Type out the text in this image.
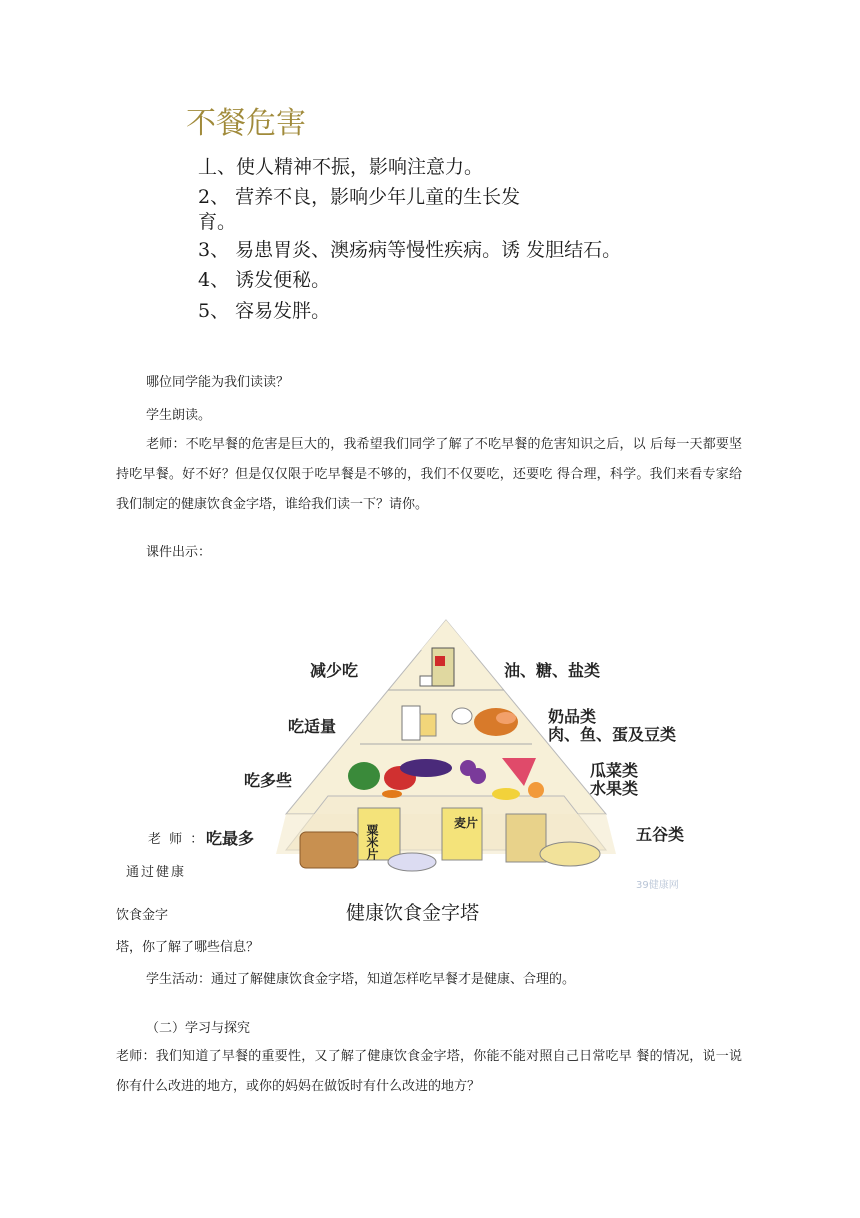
不餐危害
丄、使人精神不振，影响注意力。
2、 营养不良，影响少年儿童的生长发
育。
3、 易患胃炎、澳疡病等慢性疾病。诱 发胆结石。
4、 诱发便秘。
5、 容易发胖。
哪位同学能为我们读读？
学生朗读。
老师：不吃早餐的危害是巨大的，我希望我们同学了解了不吃早餐的危害知识之后，以 后每一天都要坚持吃早餐。好不好？但是仅仅限于吃早餐是不够的，我们不仅要吃，还要吃 得合理，科学。我们来看专家给我们制定的健康饮食金字塔，谁给我们读一下？请你。
课件出示：
减少吃
吃适量
吃多些
吃最多
油、糖、盐类
奶品类
肉、鱼、蛋及豆类
瓜菜类
水果类
五谷类
粟米片
麦片
39健康网
老 师 ：
通过健康
饮食金字	健康饮食金字塔
塔，你了解了哪些信息？
学生活动：通过了解健康饮食金字塔，知道怎样吃早餐才是健康、合理的。
（二）学习与探究
老师：我们知道了早餐的重要性，又了解了健康饮食金字塔，你能不能对照自己日常吃早 餐的情况，说一说你有什么改进的地方，或你的妈妈在做饭时有什么改进的地方？
